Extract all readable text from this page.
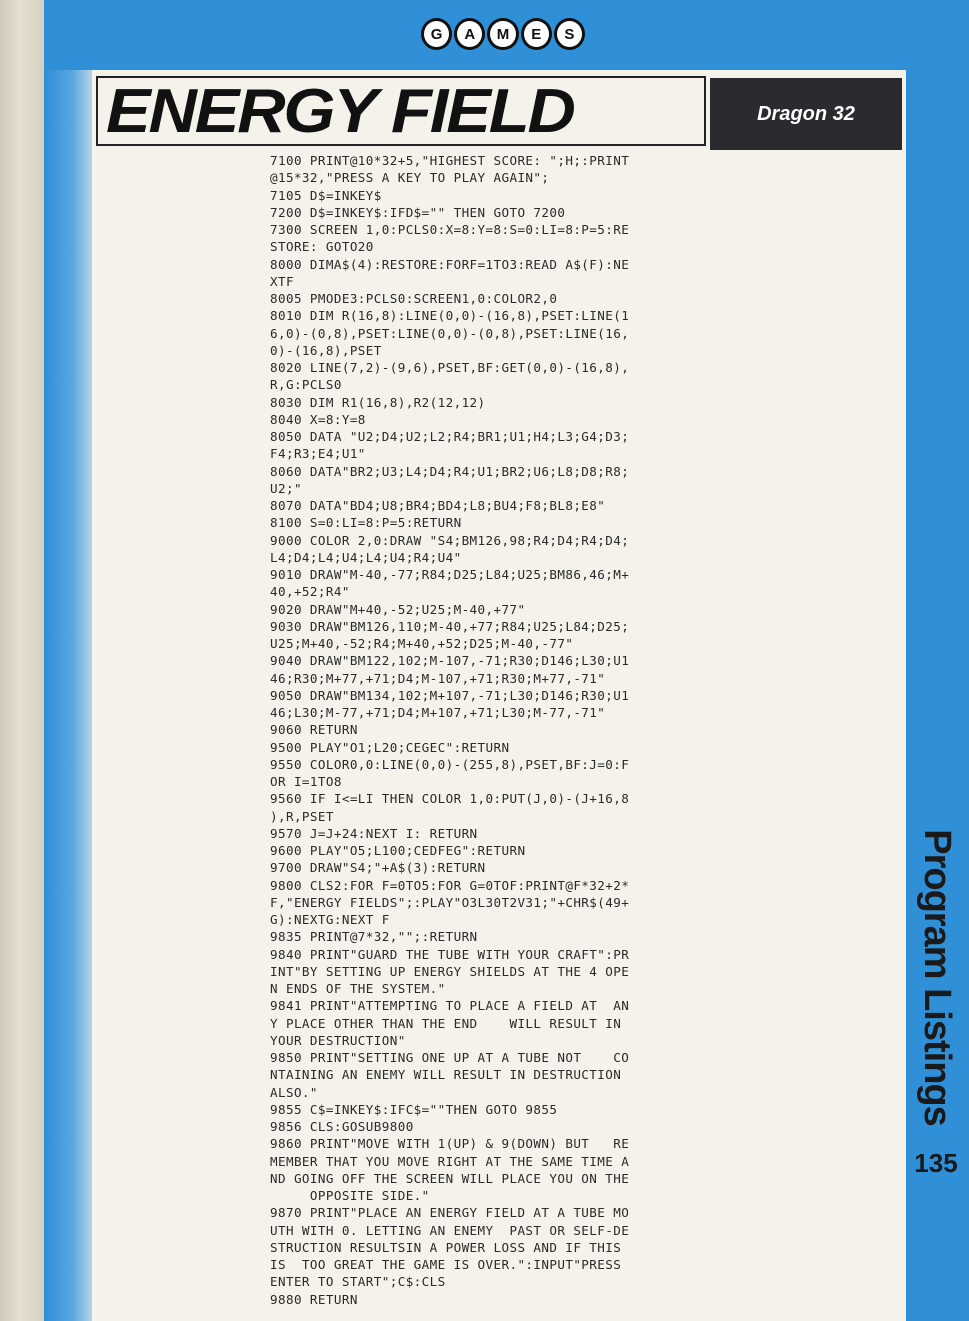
G	A	M	E	S
ENERGY FIELD	Dragon 32
7100 PRINT@10*32+5,"HIGHEST SCORE: ";H;:PRINT
@15*32,"PRESS A KEY TO PLAY AGAIN";
7105 D$=INKEY$
7200 D$=INKEY$:IFD$="" THEN GOTO 7200
7300 SCREEN 1,0:PCLS0:X=8:Y=8:S=0:LI=8:P=5:RE
STORE: GOTO20
8000 DIMA$(4):RESTORE:FORF=1TO3:READ A$(F):NE
XTF
8005 PMODE3:PCLS0:SCREEN1,0:COLOR2,0
8010 DIM R(16,8):LINE(0,0)-(16,8),PSET:LINE(1
6,0)-(0,8),PSET:LINE(0,0)-(0,8),PSET:LINE(16,
0)-(16,8),PSET
8020 LINE(7,2)-(9,6),PSET,BF:GET(0,0)-(16,8),
R,G:PCLS0
8030 DIM R1(16,8),R2(12,12)
8040 X=8:Y=8
8050 DATA "U2;D4;U2;L2;R4;BR1;U1;H4;L3;G4;D3;
F4;R3;E4;U1"
8060 DATA"BR2;U3;L4;D4;R4;U1;BR2;U6;L8;D8;R8;
U2;"
8070 DATA"BD4;U8;BR4;BD4;L8;BU4;F8;BL8;E8"
8100 S=0:LI=8:P=5:RETURN
9000 COLOR 2,0:DRAW "S4;BM126,98;R4;D4;R4;D4;
L4;D4;L4;U4;L4;U4;R4;U4"
9010 DRAW"M-40,-77;R84;D25;L84;U25;BM86,46;M+
40,+52;R4"
9020 DRAW"M+40,-52;U25;M-40,+77"
9030 DRAW"BM126,110;M-40,+77;R84;U25;L84;D25;
U25;M+40,-52;R4;M+40,+52;D25;M-40,-77"
9040 DRAW"BM122,102;M-107,-71;R30;D146;L30;U1
46;R30;M+77,+71;D4;M-107,+71;R30;M+77,-71"
9050 DRAW"BM134,102;M+107,-71;L30;D146;R30;U1
46;L30;M-77,+71;D4;M+107,+71;L30;M-77,-71"
9060 RETURN
9500 PLAY"O1;L20;CEGEC":RETURN
9550 COLOR0,0:LINE(0,0)-(255,8),PSET,BF:J=0:F
OR I=1TO8
9560 IF I<=LI THEN COLOR 1,0:PUT(J,0)-(J+16,8
),R,PSET
9570 J=J+24:NEXT I: RETURN
9600 PLAY"O5;L100;CEDFEG":RETURN
9700 DRAW"S4;"+A$(3):RETURN
9800 CLS2:FOR F=0TO5:FOR G=0TOF:PRINT@F*32+2*
F,"ENERGY FIELDS";:PLAY"O3L30T2V31;"+CHR$(49+
G):NEXTG:NEXT F
9835 PRINT@7*32,"";:RETURN
9840 PRINT"GUARD THE TUBE WITH YOUR CRAFT":PR
INT"BY SETTING UP ENERGY SHIELDS AT THE 4 OPE
N ENDS OF THE SYSTEM."
9841 PRINT"ATTEMPTING TO PLACE A FIELD AT  AN
Y PLACE OTHER THAN THE END    WILL RESULT IN
YOUR DESTRUCTION"
9850 PRINT"SETTING ONE UP AT A TUBE NOT    CO
NTAINING AN ENEMY WILL RESULT IN DESTRUCTION
ALSO."
9855 C$=INKEY$:IFC$=""THEN GOTO 9855
9856 CLS:GOSUB9800
9860 PRINT"MOVE WITH 1(UP) & 9(DOWN) BUT   RE
MEMBER THAT YOU MOVE RIGHT AT THE SAME TIME A
ND GOING OFF THE SCREEN WILL PLACE YOU ON THE
OPPOSITE SIDE."
9870 PRINT"PLACE AN ENERGY FIELD AT A TUBE MO
UTH WITH 0. LETTING AN ENEMY  PAST OR SELF-DE
STRUCTION RESULTSIN A POWER LOSS AND IF THIS
IS  TOO GREAT THE GAME IS OVER.":INPUT"PRESS
ENTER TO START";C$:CLS
9880 RETURN
Program Listings
135
